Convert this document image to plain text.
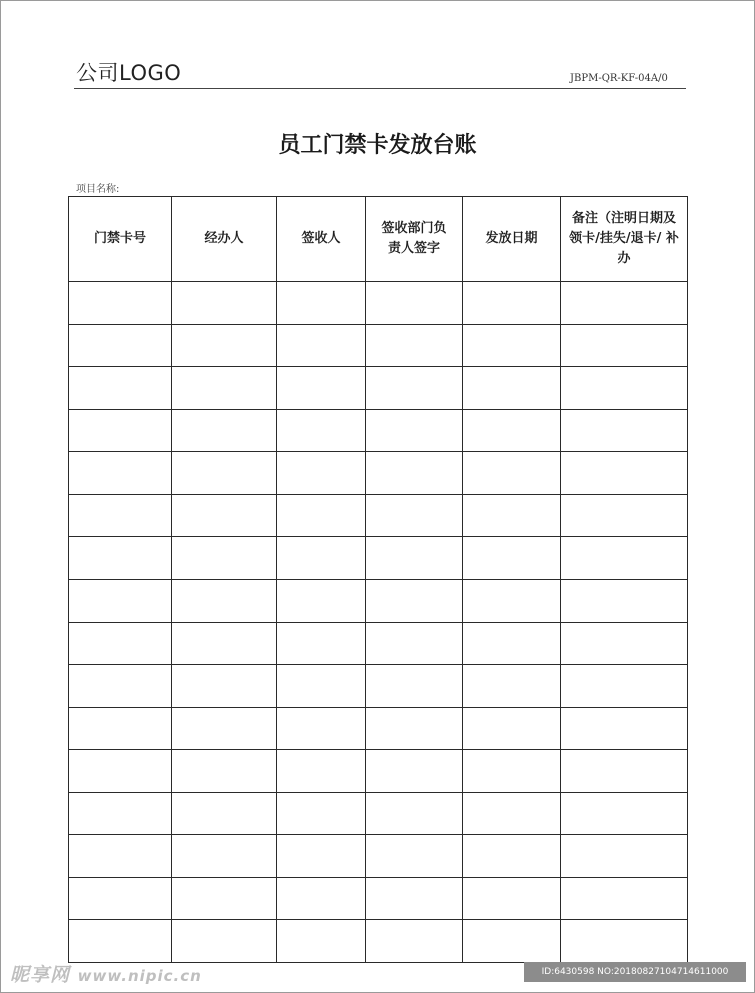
公司LOGO	JBPM-QR-KF-04A/0
员工门禁卡发放台账
项目名称:
门禁卡号	经办人	签收人	签收部门负责人签字	发放日期	备注（注明日期及领卡/挂失/退卡/ 补办

昵享网 www.nipic.cn	ID:6430598 NO:20180827104714611000
